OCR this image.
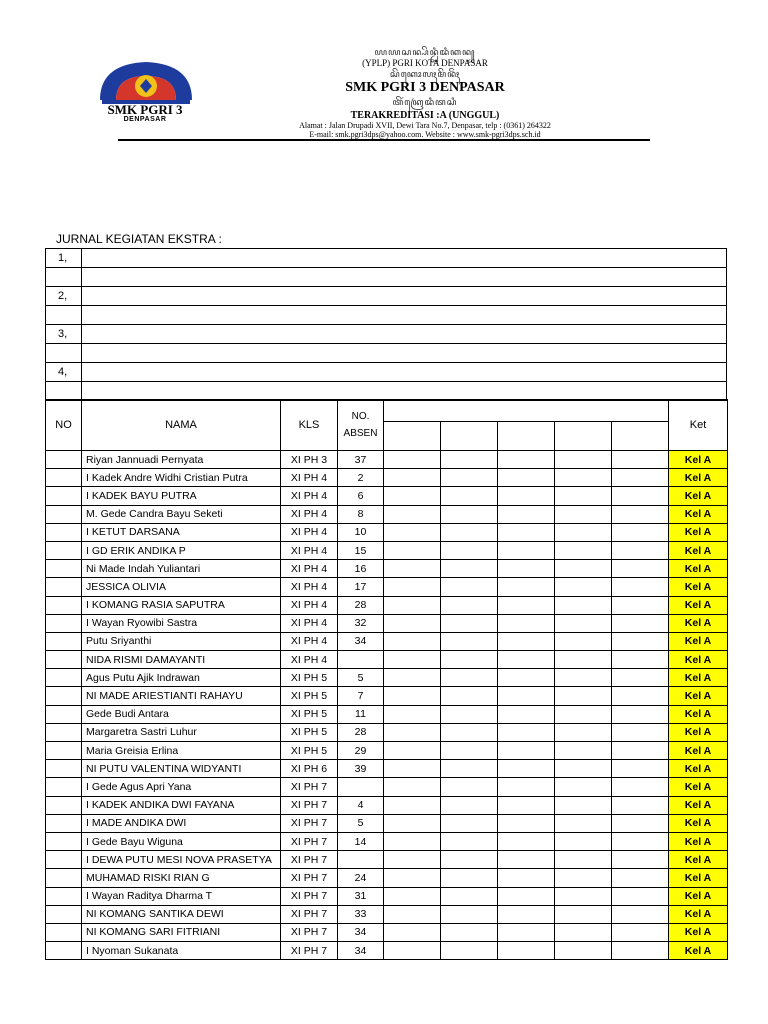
SMK PGRI 3
DENPASAR
ꦪꦪꦱꦤ꧀ꦥꦼꦤ꧀ꦝꦶꦢꦶꦏꦤ꧀
(YPLP) PGRI KOTA DENPASAR
ꦱꦼꦏꦺꦴꦭꦃꦩꦼꦤꦼꦁꦃ
SMK PGRI 3 DENPASAR
ꦠꦼꦂꦏꦿꦺꦢꦶꦠꦱꦶ
TERAKREDITASI :A (UNGGUL)
Alamat : Jalan Drupadi XVII, Dewi Tara No.7, Denpasar, telp : (0361) 264322
E-mail: smk.pgri3dps@yahoo.com. Website : www.smk-pgri3dps.sch.id
JURNAL KEGIATAN EKSTRA :
1,	

2,	

3,	

4,	

NO	NAMA	KLS	NO. ABSEN						Ket

	Riyan Jannuadi Pernyata	XI PH 3	37						Kel A
	I Kadek Andre Widhi Cristian Putra	XI PH 4	2						Kel A
	I KADEK BAYU PUTRA	XI PH 4	6						Kel A
	M. Gede Candra Bayu Seketi	XI PH 4	8						Kel A
	I KETUT DARSANA	XI PH 4	10						Kel A
	I GD ERIK ANDIKA P	XI PH 4	15						Kel A
	Ni Made Indah Yuliantari	XI PH 4	16						Kel A
	JESSICA OLIVIA	XI PH 4	17						Kel A
	I KOMANG RASIA SAPUTRA	XI PH 4	28						Kel A
	I Wayan Ryowibi Sastra	XI PH 4	32						Kel A
	Putu Sriyanthi	XI PH 4	34						Kel A
	NIDA RISMI DAMAYANTI	XI PH 4							Kel A
	Agus Putu Ajik Indrawan	XI PH 5	5						Kel A
	NI MADE ARIESTIANTI RAHAYU	XI PH 5	7						Kel A
	Gede Budi Antara	XI PH 5	11						Kel A
	Margaretra Sastri Luhur	XI PH 5	28						Kel A
	Maria Greisia Erlina	XI PH 5	29						Kel A
	NI PUTU VALENTINA WIDYANTI	XI PH 6	39						Kel A
	I Gede Agus Apri Yana	XI PH 7							Kel A
	I KADEK ANDIKA DWI FAYANA	XI PH 7	4						Kel A
	I MADE ANDIKA DWI	XI PH 7	5						Kel A
	I Gede Bayu Wiguna	XI PH 7	14						Kel A
	I DEWA PUTU MESI NOVA PRASETYA	XI PH 7							Kel A
	MUHAMAD RISKI RIAN G	XI PH 7	24						Kel A
	I Wayan Raditya Dharma T	XI PH 7	31						Kel A
	NI KOMANG SANTIKA DEWI	XI PH 7	33						Kel A
	NI KOMANG SARI FITRIANI	XI PH 7	34						Kel A
	I Nyoman Sukanata	XI PH 7	34						Kel A
